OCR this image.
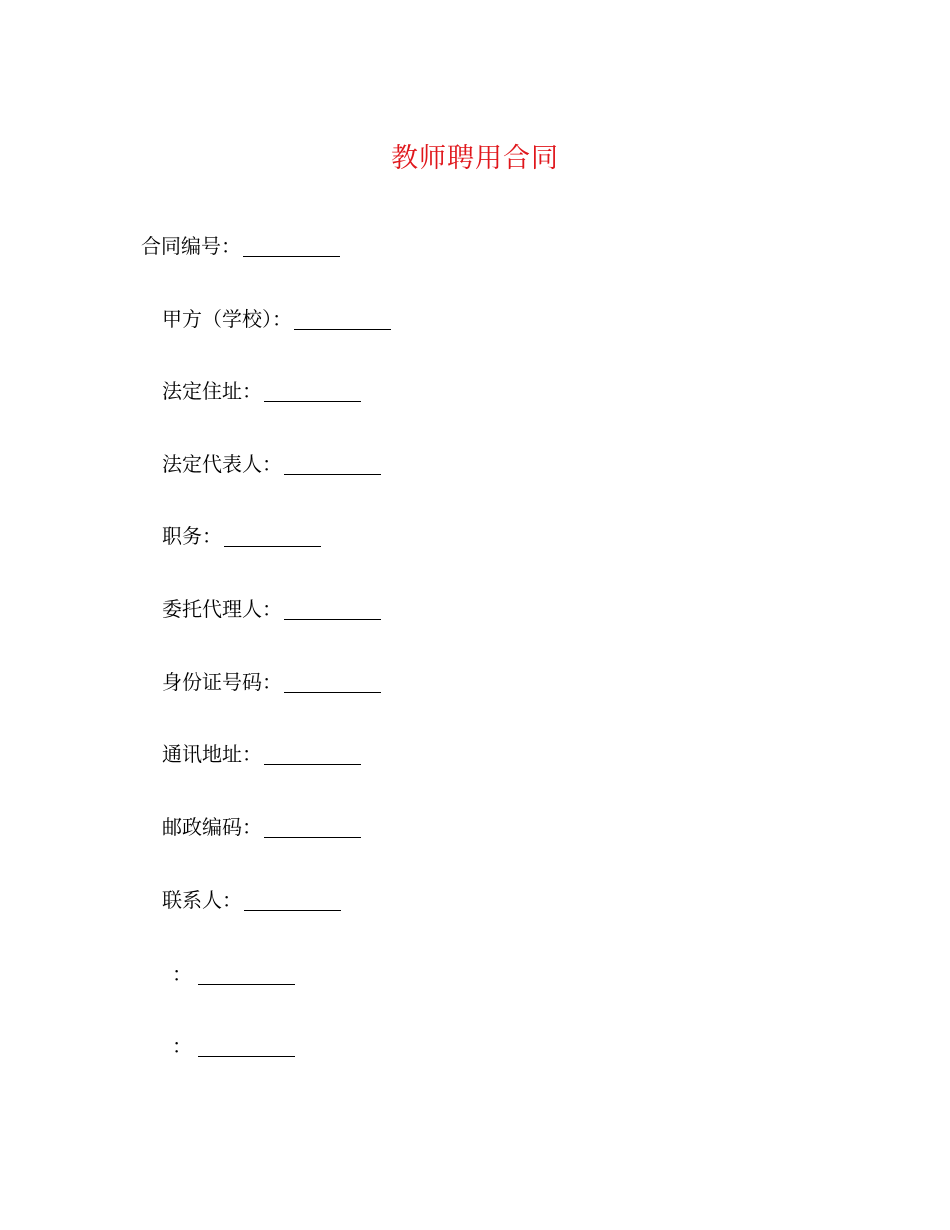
教师聘用合同
合同编号：
甲方（学校）：
法定住址：
法定代表人：
职务：
委托代理人：
身份证号码：
通讯地址：
邮政编码：
联系人：
：
：
